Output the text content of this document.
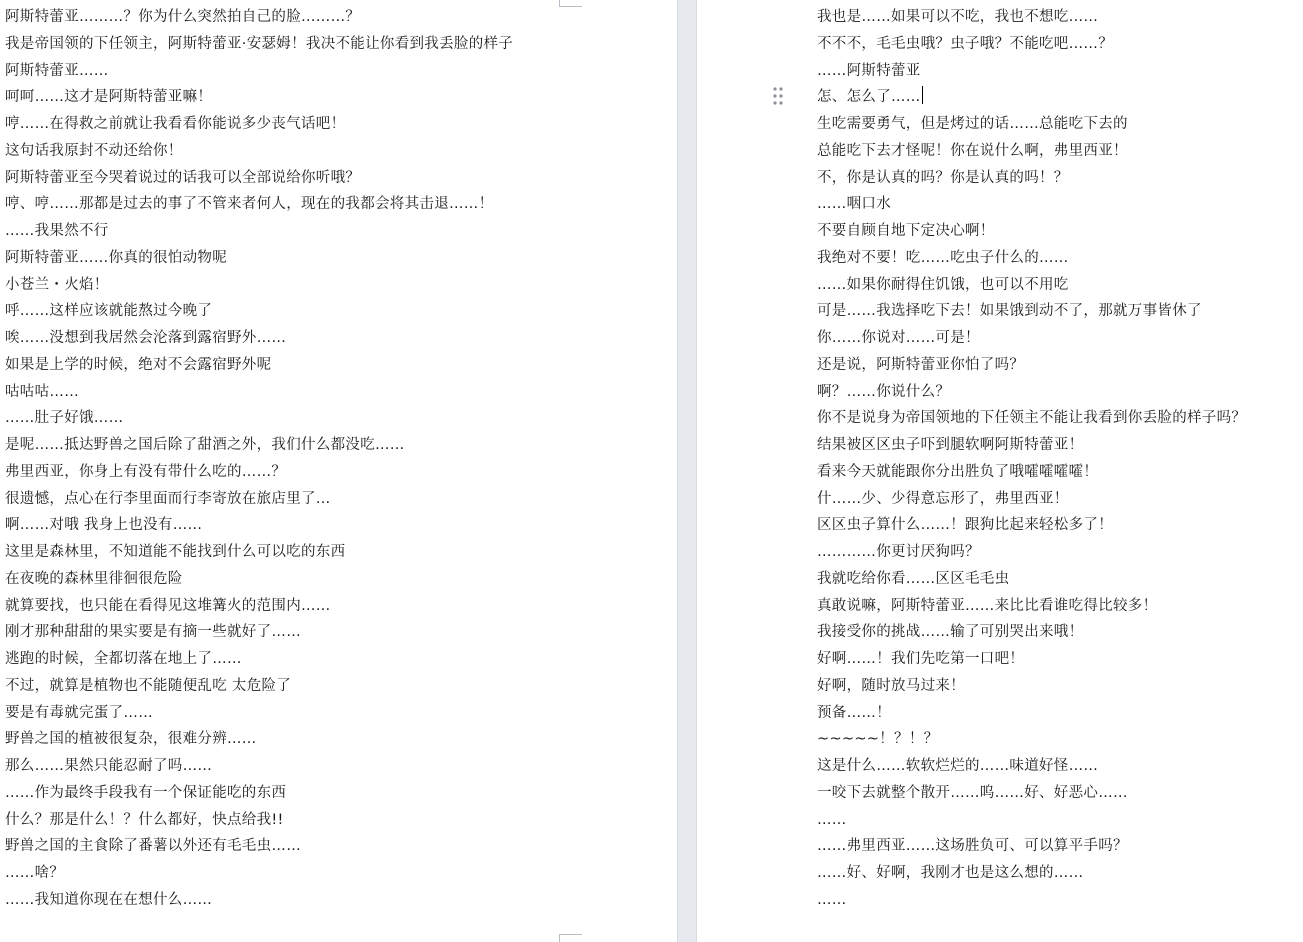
阿斯特蕾亚………？你为什么突然拍自己的脸………？
我是帝国领的下任领主，阿斯特蕾亚·安瑟姆！我决不能让你看到我丢脸的样子
阿斯特蕾亚……
呵呵……这才是阿斯特蕾亚嘛！
哼……在得救之前就让我看看你能说多少丧气话吧！
这句话我原封不动还给你！
阿斯特蕾亚至今哭着说过的话我可以全部说给你听哦？
哼、哼……那都是过去的事了不管来者何人，现在的我都会将其击退……！
……我果然不行
阿斯特蕾亚……你真的很怕动物呢
小苍兰・火焰！
呼……这样应该就能熬过今晚了
唉……没想到我居然会沦落到露宿野外……
如果是上学的时候，绝对不会露宿野外呢
咕咕咕……
……肚子好饿……
是呢……抵达野兽之国后除了甜酒之外，我们什么都没吃……
弗里西亚，你身上有没有带什么吃的……？
很遗憾，点心在行李里面而行李寄放在旅店里了…
啊……对哦 我身上也没有……
这里是森林里，不知道能不能找到什么可以吃的东西
在夜晚的森林里徘徊很危险
就算要找，也只能在看得见这堆篝火的范围内……
刚才那种甜甜的果实要是有摘一些就好了……
逃跑的时候，全都切落在地上了……
不过，就算是植物也不能随便乱吃 太危险了
要是有毒就完蛋了……
野兽之国的植被很复杂，很难分辨……
那么……果然只能忍耐了吗……
……作为最终手段我有一个保证能吃的东西
什么？那是什么！？什么都好，快点给我!!
野兽之国的主食除了番薯以外还有毛毛虫……
……啥？
……我知道你现在在想什么……
我也是……如果可以不吃，我也不想吃……
不不不，毛毛虫哦？虫子哦？不能吃吧……？
……阿斯特蕾亚
怎、怎么了……
生吃需要勇气，但是烤过的话……总能吃下去的
总能吃下去才怪呢！你在说什么啊，弗里西亚！
不，你是认真的吗？你是认真的吗！？
……咽口水
不要自顾自地下定决心啊！
我绝对不要！吃……吃虫子什么的……
……如果你耐得住饥饿，也可以不用吃
可是……我选择吃下去！如果饿到动不了，那就万事皆休了
你……你说对……可是！
还是说，阿斯特蕾亚你怕了吗？
啊？……你说什么？
你不是说身为帝国领地的下任领主不能让我看到你丢脸的样子吗？
结果被区区虫子吓到腿软啊阿斯特蕾亚！
看来今天就能跟你分出胜负了哦嚯嚯嚯嚯！
什……少、少得意忘形了，弗里西亚！
区区虫子算什么……！跟狗比起来轻松多了！
…………你更讨厌狗吗？
我就吃给你看……区区毛毛虫
真敢说嘛，阿斯特蕾亚……来比比看谁吃得比较多！
我接受你的挑战……输了可别哭出来哦！
好啊……！我们先吃第一口吧！
好啊，随时放马过来！
预备……！
~~~~~！？！？
这是什么……软软烂烂的……味道好怪……
一咬下去就整个散开……呜……好、好恶心……
……
……弗里西亚……这场胜负可、可以算平手吗？
……好、好啊，我刚才也是这么想的……
……
